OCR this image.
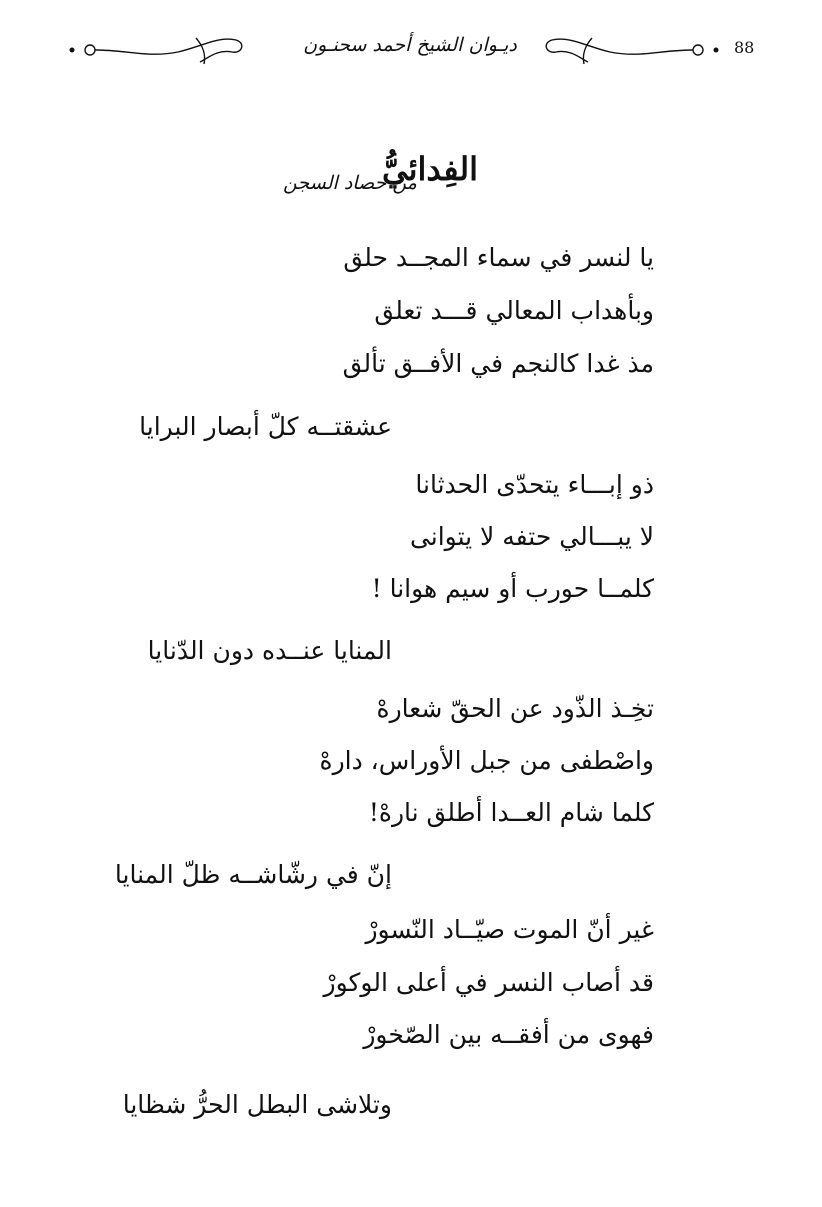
ديـوان الشيخ أحمد سحنـون	88
الفِدائيُّ
من حصاد السجن
يا لنسر في سماء المجــد حلق
وبأهداب المعالي قـــد تعلق
مذ غدا كالنجم في الأفــق تألق
عشقتــه كلّ أبصار البرايا
ذو إبـــاء يتحدّى الحدثانا
لا يبـــالي حتفه لا يتوانى
كلمــا حورب أو سيم هوانا !
المنايا عنــده دون الدّنايا
تخِـذ الذّود عن الحقّ شعارهْ
واصْطفى من جبل الأوراس، دارهْ
كلما شام العــدا أطلق نارهْ!
إنّ في رشّاشــه ظلّ المنايا
غير أنّ الموت صيّــاد النّسورْ
قد أصاب النسر في أعلى الوكورْ
فهوى من أفقــه بين الصّخورْ
وتلاشى البطل الحرُّ شظايا
